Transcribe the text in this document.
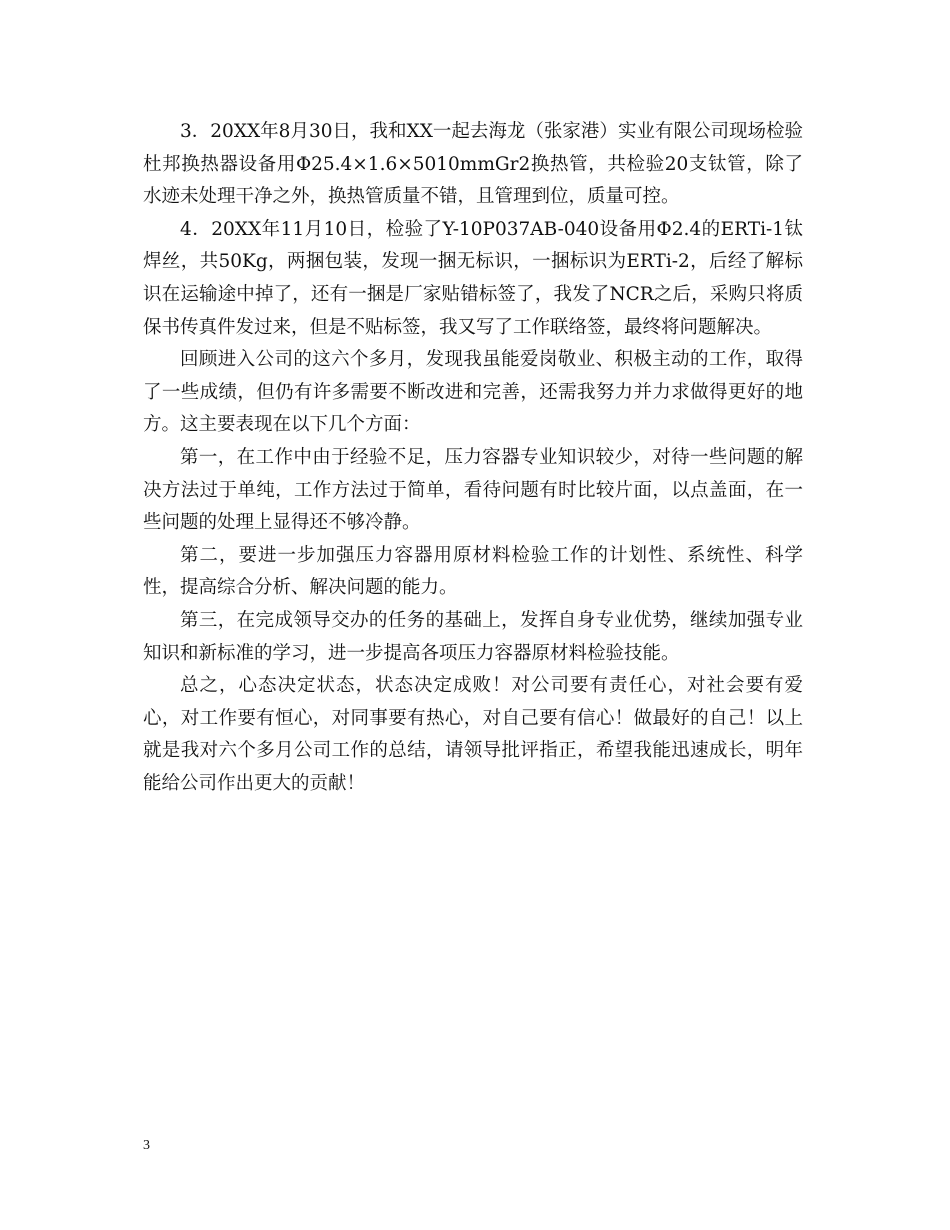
3．20XX年8月30日，我和XX一起去海龙（张家港）实业有限公司现场检验杜邦换热器设备用Φ25.4×1.6×5010mmGr2换热管，共检验20支钛管，除了水迹未处理干净之外，换热管质量不错，且管理到位，质量可控。

4．20XX年11月10日，检验了Y-10P037AB-040设备用Φ2.4的ERTi-1钛焊丝，共50Kg，两捆包装，发现一捆无标识，一捆标识为ERTi-2，后经了解标识在运输途中掉了，还有一捆是厂家贴错标签了，我发了NCR之后，采购只将质保书传真件发过来，但是不贴标签，我又写了工作联络签，最终将问题解决。

回顾进入公司的这六个多月，发现我虽能爱岗敬业、积极主动的工作，取得了一些成绩，但仍有许多需要不断改进和完善，还需我努力并力求做得更好的地方。这主要表现在以下几个方面：

第一，在工作中由于经验不足，压力容器专业知识较少，对待一些问题的解决方法过于单纯，工作方法过于简单，看待问题有时比较片面，以点盖面，在一些问题的处理上显得还不够冷静。

第二，要进一步加强压力容器用原材料检验工作的计划性、系统性、科学性，提高综合分析、解决问题的能力。

第三，在完成领导交办的任务的基础上，发挥自身专业优势，继续加强专业知识和新标准的学习，进一步提高各项压力容器原材料检验技能。

总之，心态决定状态，状态决定成败！对公司要有责任心，对社会要有爱心，对工作要有恒心，对同事要有热心，对自己要有信心！做最好的自己！以上就是我对六个多月公司工作的总结，请领导批评指正，希望我能迅速成长，明年能给公司作出更大的贡献！

3
